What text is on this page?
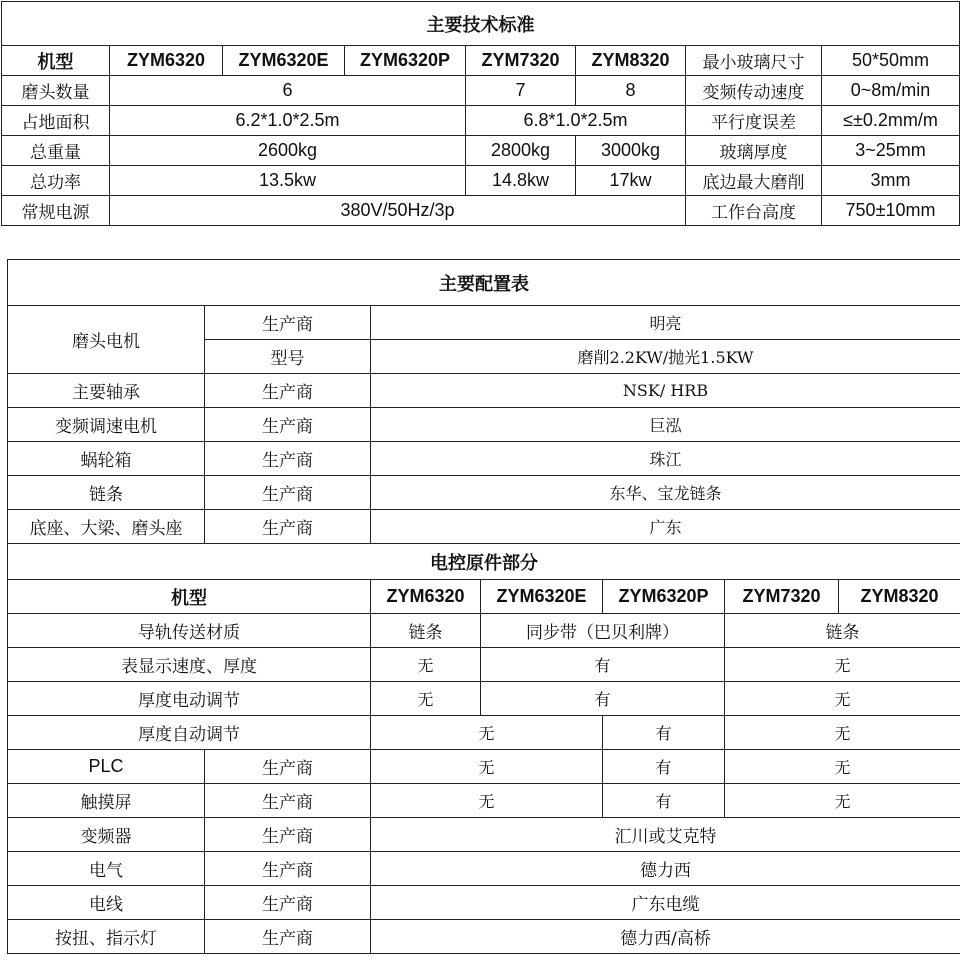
主要技术标准							
机型	ZYM6320	ZYM6320E	ZYM6320P	ZYM7320	ZYM8320	最小玻璃尺寸	50*50mm
磨头数量	6			7	8	变频传动速度	0~8m/min
占地面积	6.2*1.0*2.5m			6.8*1.0*2.5m		平行度误差	≤±0.2mm/m
总重量	2600kg			2800kg	3000kg	玻璃厚度	3~25mm
总功率	13.5kw			14.8kw	17kw	底边最大磨削	3mm
常规电源	380V/50Hz/3p					工作台高度	750±10mm
主要配置表						
磨头电机	生产商	明亮				
	型号	磨削2.2KW/抛光1.5KW				
主要轴承	生产商	NSK/ HRB				
变频调速电机	生产商	巨泓				
蜗轮箱	生产商	珠江				
链条	生产商	东华、宝龙链条				
底座、大梁、磨头座	生产商	广东				
电控原件部分						
机型		ZYM6320	ZYM6320E	ZYM6320P	ZYM7320	ZYM8320
导轨传送材质		链条	同步带（巴贝利牌）		链条	
表显示速度、厚度		无	有		无	
厚度电动调节		无	有		无	
厚度自动调节		无		有	无	
PLC	生产商	无		有	无	
触摸屏	生产商	无		有	无	
变频器	生产商	汇川或艾克特				
电气	生产商	德力西				
电线	生产商	广东电缆				
按扭、指示灯	生产商	德力西/高桥				
